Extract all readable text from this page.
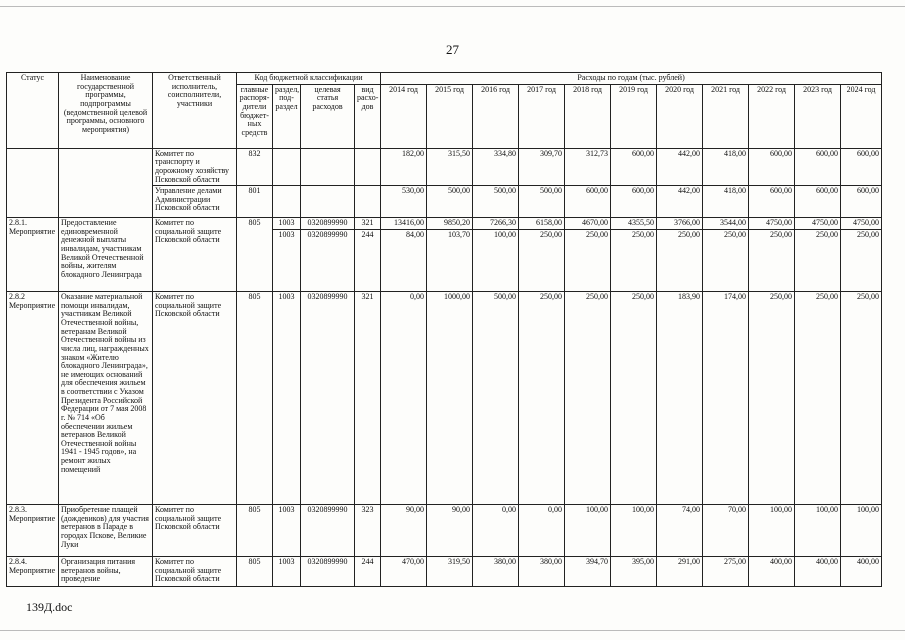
27
Статус	Наименование государственной программы, подпрограммы (ведомственной целевой программы, основного мероприятия)	Ответственный исполнитель, соисполнители, участники	Код бюджетной классификации				Расходы по годам (тыс. рублей)										
			главные распоря-дители бюджет-ных средств	раздел, под-раздел	целевая статья расходов	вид расхо-дов	2014 год	2015 год	2016 год	2017 год	2018 год	2019 год	2020 год	2021 год	2022 год	2023 год	2024 год
		Комитет по транспорту и дорожному хозяйству Псковской области	832				182,00	315,50	334,80	309,70	312,73	600,00	442,00	418,00	600,00	600,00	600,00
		Управление делами Администрации Псковской области	801				530,00	500,00	500,00	500,00	600,00	600,00	442,00	418,00	600,00	600,00	600,00
2.8.1. Мероприятие	Предоставление единовременной денежной выплаты инвалидам, участникам Великой Отечественной войны, жителям блокадного Ленинграда	Комитет по социальной защите Псковской области	805	1003	0320899990	321	13416,00	9850,20	7266,30	6158,00	4670,00	4355,50	3766,00	3544,00	4750,00	4750,00	4750,00
				1003	0320899990	244	84,00	103,70	100,00	250,00	250,00	250,00	250,00	250,00	250,00	250,00	250,00
2.8.2 Мероприятие	Оказание материальной помощи инвалидам, участникам Великой Отечественной войны, ветеранам Великой Отечественной войны из числа лиц, награжденных знаком «Жителю блокадного Ленинграда», не имеющих оснований для обеспечения жильем в соответствии с Указом Президента Российской Федерации от 7 мая 2008 г. № 714 «Об обеспечении жильем ветеранов Великой Отечественной войны 1941 - 1945 годов», на ремонт жилых помещений	Комитет по социальной защите Псковской области	805	1003	0320899990	321	0,00	1000,00	500,00	250,00	250,00	250,00	183,90	174,00	250,00	250,00	250,00
2.8.3. Мероприятие	Приобретение плащей (дождевиков) для участия ветеранов в Параде в городах Пскове, Великие Луки	Комитет по социальной защите Псковской области	805	1003	0320899990	323	90,00	90,00	0,00	0,00	100,00	100,00	74,00	70,00	100,00	100,00	100,00
2.8.4. Мероприятие	Организация питания ветеранов войны, проведение	Комитет по социальной защите Псковской области	805	1003	0320899990	244	470,00	319,50	380,00	380,00	394,70	395,00	291,00	275,00	400,00	400,00	400,00
139Д.doc
